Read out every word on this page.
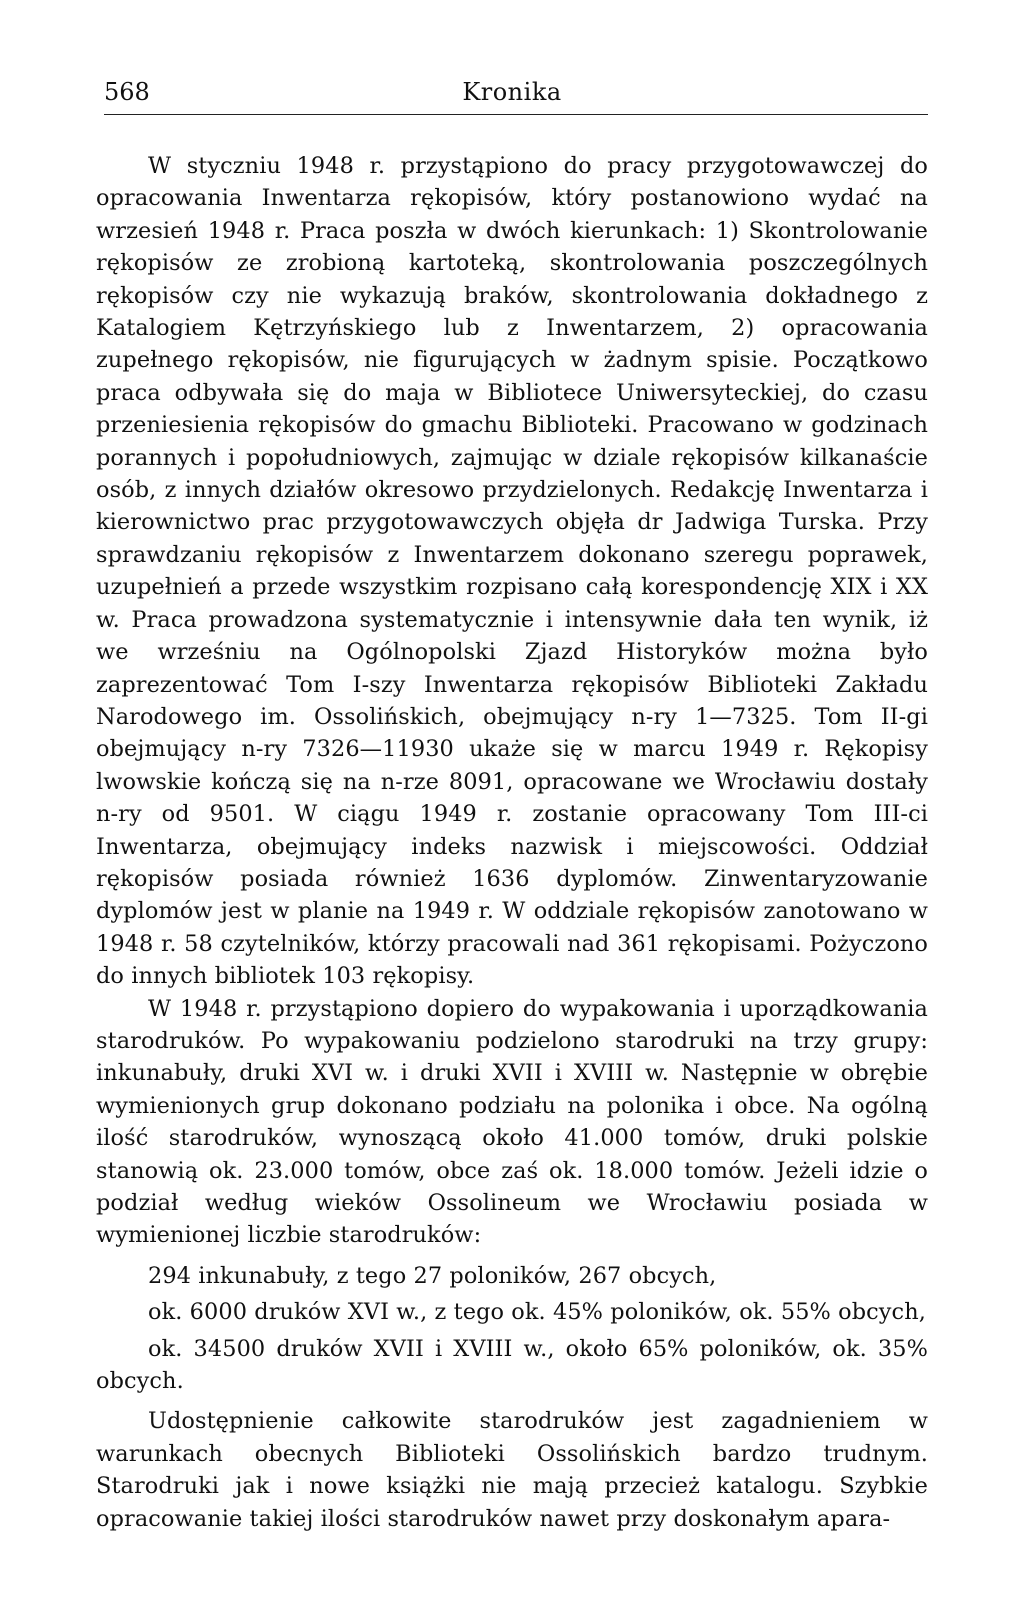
568	Kronika

W styczniu 1948 r. przystąpiono do pracy przygotowawczej do opracowania Inwentarza rękopisów, który postanowiono wydać na wrzesień 1948 r. Praca poszła w dwóch kierunkach: 1) Skontrolowanie rękopisów ze zrobioną kartoteką, skontrolowania poszczególnych rękopisów czy nie wykazują braków, skontrolowania dokładnego z Katalogiem Kętrzyńskiego lub z Inwentarzem, 2) opracowania zupełnego rękopisów, nie figurujących w żadnym spisie. Początkowo praca odbywała się do maja w Bibliotece Uniwersyteckiej, do czasu przeniesienia rękopisów do gmachu Biblioteki. Pracowano w godzinach porannych i popołudniowych, zajmując w dziale rękopisów kilkanaście osób, z innych działów okresowo przydzielonych. Redakcję Inwentarza i kierownictwo prac przygotowawczych objęła dr Jadwiga Turska. Przy sprawdzaniu rękopisów z Inwentarzem dokonano szeregu poprawek, uzupełnień a przede wszystkim rozpisano całą korespondencję XIX i XX w. Praca prowadzona systematycznie i intensywnie dała ten wynik, iż we wrześniu na Ogólnopolski Zjazd Historyków można było zaprezentować Tom I-szy Inwentarza rękopisów Biblioteki Zakładu Narodowego im. Ossolińskich, obejmujący n-ry 1—7325. Tom II-gi obejmujący n-ry 7326—11930 ukaże się w marcu 1949 r. Rękopisy lwowskie kończą się na n-rze 8091, opracowane we Wrocławiu dostały n-ry od 9501. W ciągu 1949 r. zostanie opracowany Tom III-ci Inwentarza, obejmujący indeks nazwisk i miejscowości. Oddział rękopisów posiada również 1636 dyplomów. Zinwentaryzowanie dyplomów jest w planie na 1949 r. W oddziale rękopisów zanotowano w 1948 r. 58 czytelników, którzy pracowali nad 361 rękopisami. Pożyczono do innych bibliotek 103 rękopisy.

W 1948 r. przystąpiono dopiero do wypakowania i uporządkowania starodruków. Po wypakowaniu podzielono starodruki na trzy grupy: inkunabuły, druki XVI w. i druki XVII i XVIII w. Następnie w obrębie wymienionych grup dokonano podziału na polonika i obce. Na ogólną ilość starodruków, wynoszącą około 41.000 tomów, druki polskie stanowią ok. 23.000 tomów, obce zaś ok. 18.000 tomów. Jeżeli idzie o podział według wieków Ossolineum we Wrocławiu posiada w wymienionej liczbie starodruków:

294 inkunabuły, z tego 27 poloników, 267 obcych,

ok. 6000 druków XVI w., z tego ok. 45% poloników, ok. 55% obcych,

ok. 34500 druków XVII i XVIII w., około 65% poloników, ok. 35% obcych.

Udostępnienie całkowite starodruków jest zagadnieniem w warunkach obecnych Biblioteki Ossolińskich bardzo trudnym. Starodruki jak i nowe książki nie mają przecież katalogu. Szybkie opracowanie takiej ilości starodruków nawet przy doskonałym apara-
